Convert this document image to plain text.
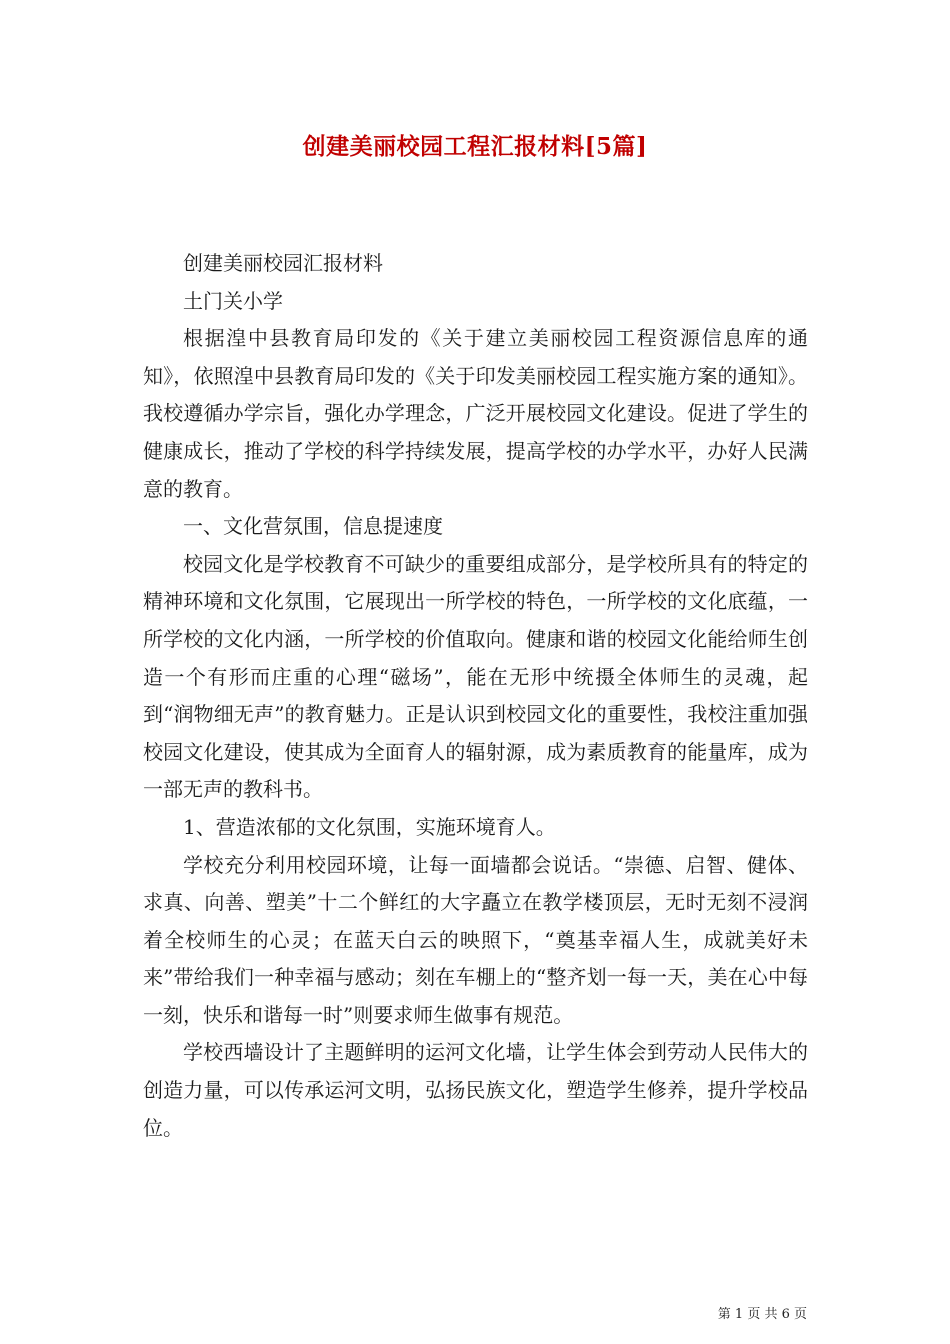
创建美丽校园工程汇报材料[5篇]

创建美丽校园汇报材料

土门关小学

根据湟中县教育局印发的《关于建立美丽校园工程资源信息库的通知》，依照湟中县教育局印发的《关于印发美丽校园工程实施方案的通知》。我校遵循办学宗旨，强化办学理念，广泛开展校园文化建设。促进了学生的健康成长，推动了学校的科学持续发展，提高学校的办学水平，办好人民满意的教育。

一、文化营氛围，信息提速度

校园文化是学校教育不可缺少的重要组成部分，是学校所具有的特定的精神环境和文化氛围，它展现出一所学校的特色，一所学校的文化底蕴，一所学校的文化内涵，一所学校的价值取向。健康和谐的校园文化能给师生创造一个有形而庄重的心理“磁场”，能在无形中统摄全体师生的灵魂，起到“润物细无声”的教育魅力。正是认识到校园文化的重要性，我校注重加强校园文化建设，使其成为全面育人的辐射源，成为素质教育的能量库，成为一部无声的教科书。

1、营造浓郁的文化氛围，实施环境育人。

学校充分利用校园环境，让每一面墙都会说话。“崇德、启智、健体、求真、向善、塑美”十二个鲜红的大字矗立在教学楼顶层，无时无刻不浸润着全校师生的心灵；在蓝天白云的映照下，“奠基幸福人生，成就美好未来”带给我们一种幸福与感动；刻在车棚上的“整齐划一每一天，美在心中每一刻，快乐和谐每一时”则要求师生做事有规范。

学校西墙设计了主题鲜明的运河文化墙，让学生体会到劳动人民伟大的创造力量，可以传承运河文明，弘扬民族文化，塑造学生修养，提升学校品位。

第 1 页 共 6 页
